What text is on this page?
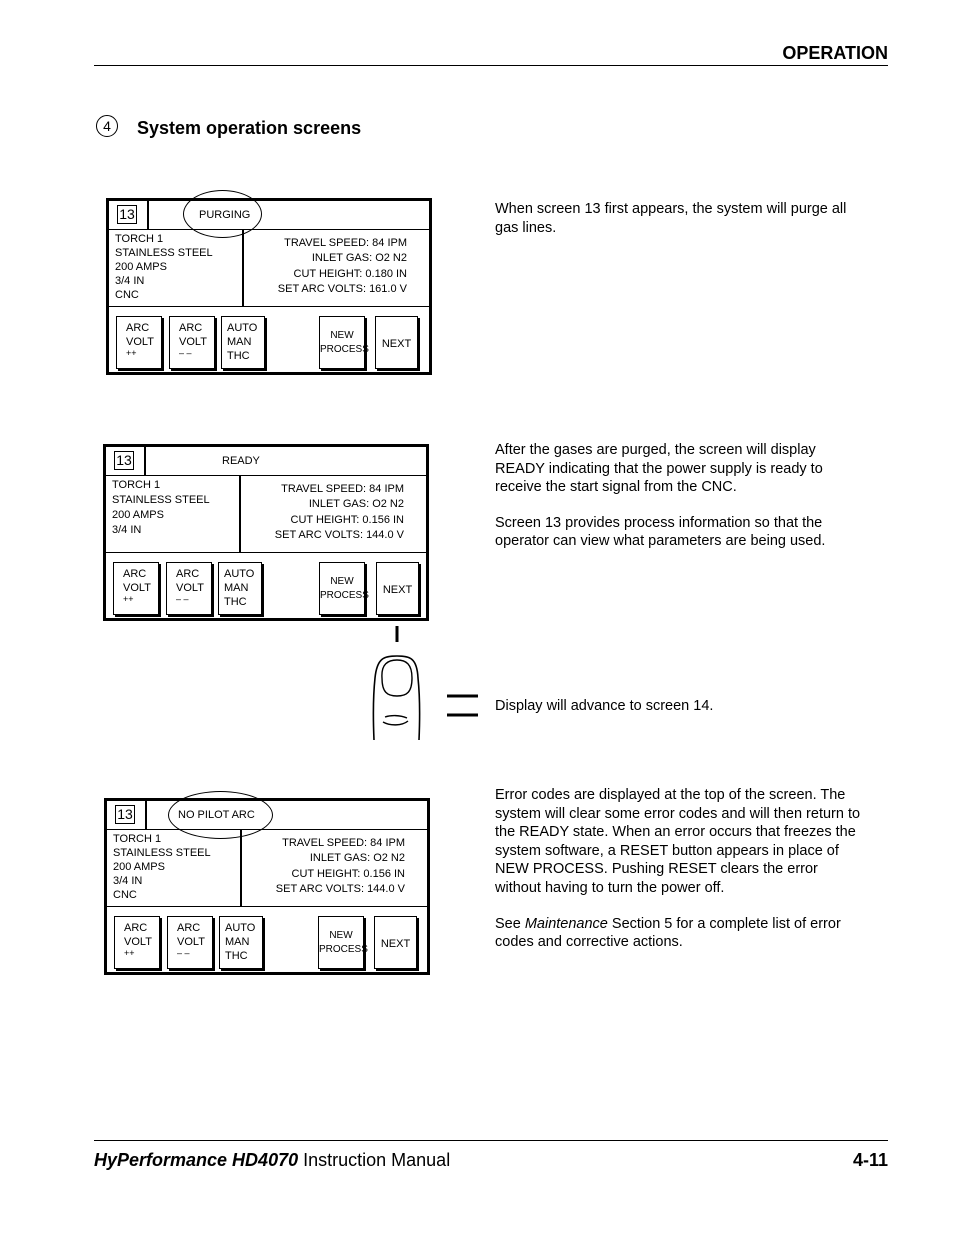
OPERATION
4	System operation screens
13	PURGING
TORCH 1
STAINLESS STEEL
200 AMPS
3/4 IN
CNC
TRAVEL SPEED: 84 IPM
INLET GAS: O2 N2
CUT HEIGHT: 0.180 IN
SET ARC VOLTS: 161.0 V
ARC
VOLT
++
ARC
VOLT
– –
AUTO
MAN
THC
NEW
PROCESS	NEXT
13	READY
TORCH 1
STAINLESS STEEL
200 AMPS
3/4 IN
TRAVEL SPEED: 84 IPM
INLET GAS: O2 N2
CUT HEIGHT: 0.156 IN
SET ARC VOLTS: 144.0 V
ARC
VOLT
++
ARC
VOLT
– –
AUTO
MAN
THC
NEW
PROCESS	NEXT
13	NO PILOT ARC
TORCH 1
STAINLESS STEEL
200 AMPS
3/4 IN
CNC
TRAVEL SPEED: 84 IPM
INLET GAS: O2 N2
CUT HEIGHT: 0.156 IN
SET ARC VOLTS: 144.0 V
ARC
VOLT
++
ARC
VOLT
– –
AUTO
MAN
THC
NEW
PROCESS	NEXT

When screen 13 first appears, the system will purge all gas lines.

After the gases are purged, the screen will display READY indicating that the power supply is ready to receive the start signal from the CNC.

Screen 13 provides process information so that the operator can view what parameters are being used.

Display will advance to screen 14.

Error codes are displayed at the top of the screen. The system will clear some error codes and will then return to the READY state. When an error occurs that freezes the system software, a RESET button appears in place of NEW PROCESS. Pushing RESET clears the error without having to turn the power off.

See Maintenance Section 5 for a complete list of error codes and corrective actions.

HyPerformance HD4070 Instruction Manual	4-11
